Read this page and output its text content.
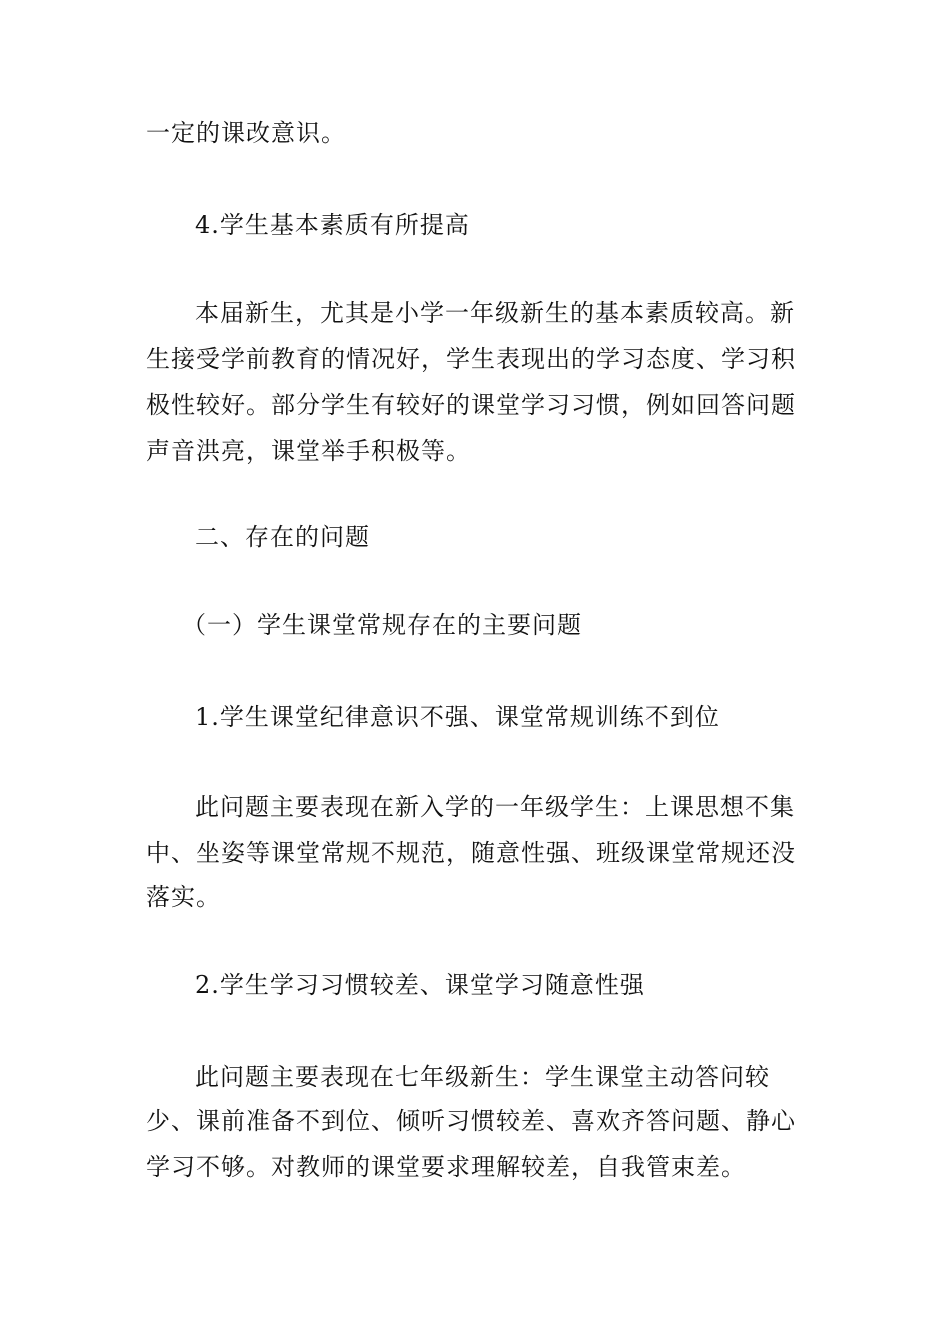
一定的课改意识。
4.学生基本素质有所提高
本届新生，尤其是小学一年级新生的基本素质较高。新
生接受学前教育的情况好，学生表现出的学习态度、学习积
极性较好。部分学生有较好的课堂学习习惯，例如回答问题
声音洪亮，课堂举手积极等。
二、存在的问题
（一）学生课堂常规存在的主要问题
1.学生课堂纪律意识不强、课堂常规训练不到位
此问题主要表现在新入学的一年级学生：上课思想不集
中、坐姿等课堂常规不规范，随意性强、班级课堂常规还没
落实。
2.学生学习习惯较差、课堂学习随意性强
此问题主要表现在七年级新生：学生课堂主动答问较
少、课前准备不到位、倾听习惯较差、喜欢齐答问题、静心
学习不够。对教师的课堂要求理解较差，自我管束差。
